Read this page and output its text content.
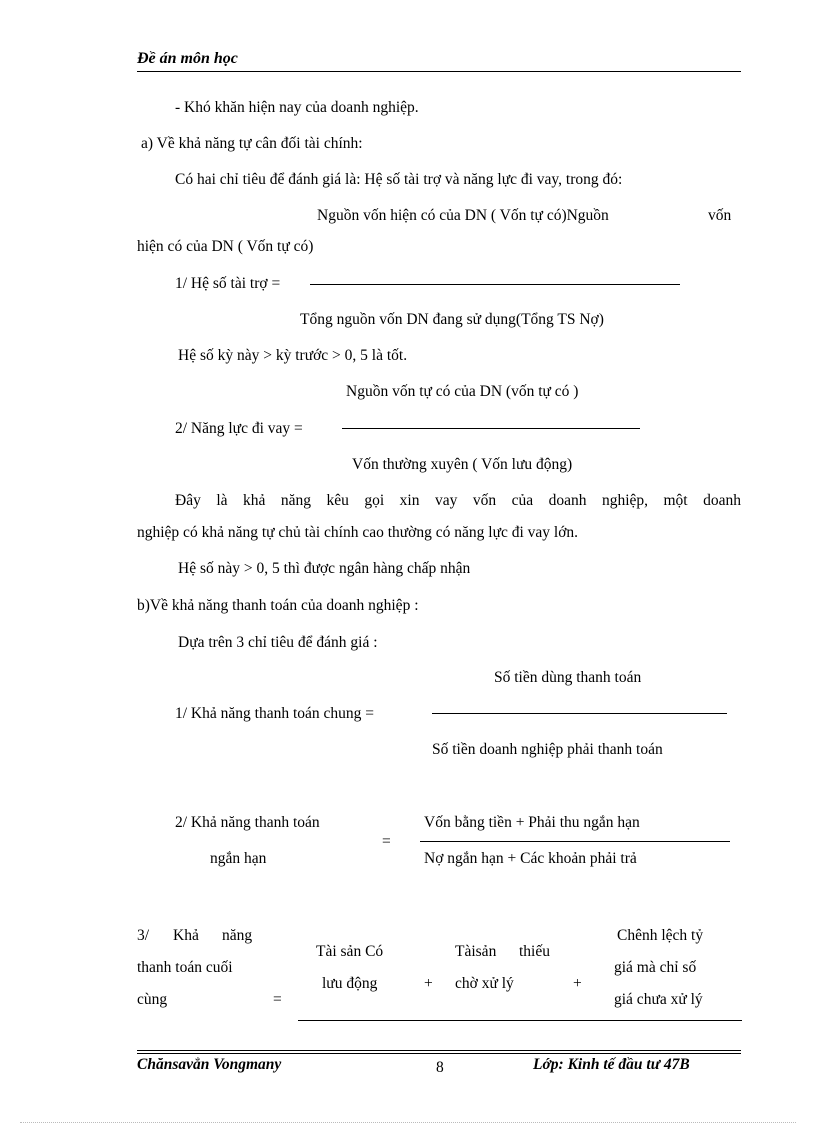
Đề án môn học
- Khó khăn hiện nay của doanh nghiệp.
a) Về khả năng tự cân đối tài chính:
Có hai chỉ tiêu để đánh giá là: Hệ số tài trợ và năng lực đi vay, trong đó:
Nguồn vốn hiện có của DN ( Vốn tự có)Nguồn	vốn
hiện có của DN ( Vốn tự có)
1/ Hệ số tài trợ =
Tổng nguồn vốn DN đang sử dụng(Tổng TS Nợ)
Hệ số kỳ này > kỳ trước > 0, 5 là tốt.
Nguồn vốn tự có của DN (vốn tự có )
2/ Năng lực đi vay =
Vốn thường xuyên ( Vốn lưu động)
Đây là khả năng kêu gọi xin vay vốn của doanh nghiệp, một doanh
nghiệp có khả năng tự chủ tài chính cao thường có năng lực đi vay lớn.
Hệ số này > 0, 5 thì được ngân hàng chấp nhận
b)Về khả năng thanh toán của doanh nghiệp :
Dựa trên 3 chỉ tiêu để đánh giá :
Số tiền dùng thanh toán
1/ Khả năng thanh toán chung =
Số tiền doanh nghiệp phải thanh toán
2/ Khả năng thanh toán
ngắn hạn
=
Vốn bằng tiền + Phải thu ngắn hạn
Nợ ngắn hạn + Các khoản phải trả
3/ Khả năng
thanh toán cuối
cùng	=
Tài sản Có
lưu động	+
Tàisản thiếu
chờ xử lý	+
Chênh lệch tỷ
giá mà chỉ số
giá chưa xử lý
Chănsavẳn Vongmany	8	Lớp: Kinh tế đầu tư 47B
